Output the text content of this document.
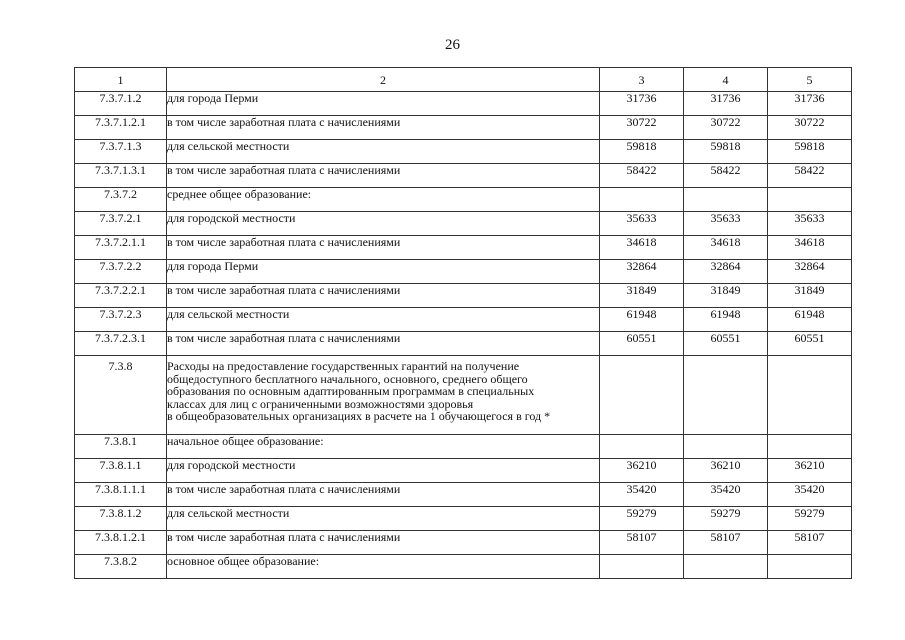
26
1	2	3	4	5
7.3.7.1.2	для города Перми	31736	31736	31736
7.3.7.1.2.1	в том числе заработная плата с начислениями	30722	30722	30722
7.3.7.1.3	для сельской местности	59818	59818	59818
7.3.7.1.3.1	в том числе заработная плата с начислениями	58422	58422	58422
7.3.7.2	среднее общее образование:			
7.3.7.2.1	для городской местности	35633	35633	35633
7.3.7.2.1.1	в том числе заработная плата с начислениями	34618	34618	34618
7.3.7.2.2	для города Перми	32864	32864	32864
7.3.7.2.2.1	в том числе заработная плата с начислениями	31849	31849	31849
7.3.7.2.3	для сельской местности	61948	61948	61948
7.3.7.2.3.1	в том числе заработная плата с начислениями	60551	60551	60551
7.3.8	Расходы на предоставление государственных гарантий на получение
общедоступного бесплатного начального, основного, среднего общего
образования по основным адаптированным программам в специальных
классах для лиц с ограниченными возможностями здоровья
в общеобразовательных организациях в расчете на 1 обучающегося в год *			

7.3.8.1	начальное общее образование:			
7.3.8.1.1	для городской местности	36210	36210	36210
7.3.8.1.1.1	в том числе заработная плата с начислениями	35420	35420	35420
7.3.8.1.2	для сельской местности	59279	59279	59279
7.3.8.1.2.1	в том числе заработная плата с начислениями	58107	58107	58107
7.3.8.2	основное общее образование:			
